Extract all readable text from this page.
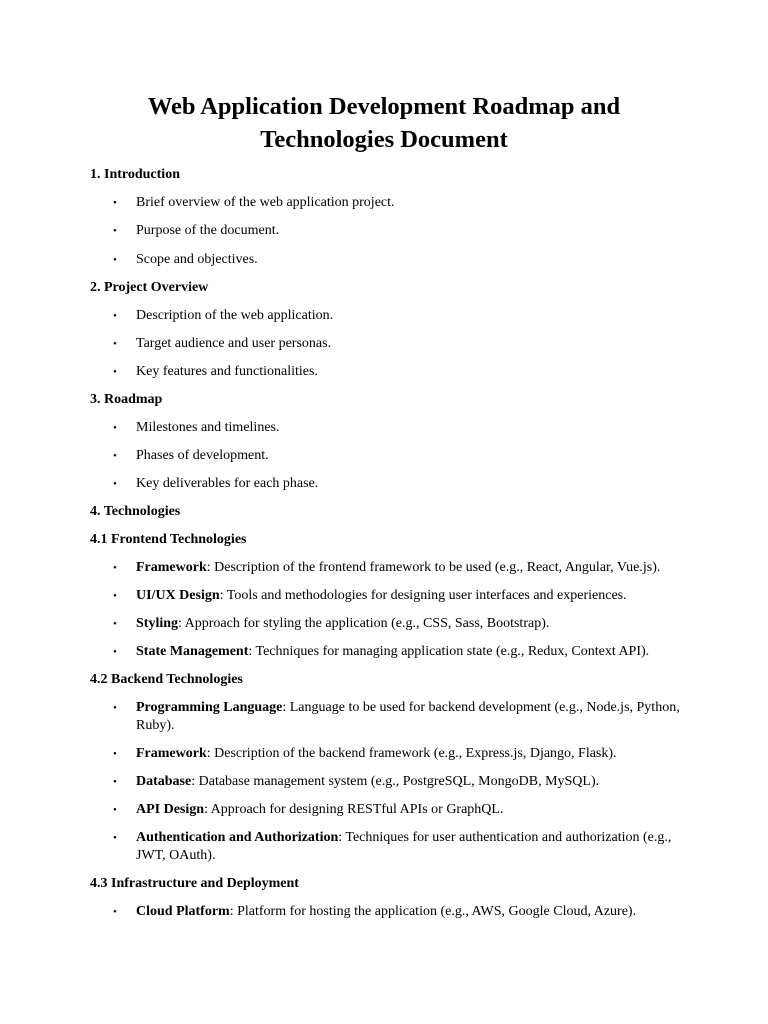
Web Application Development Roadmap and Technologies Document
1. Introduction
• Brief overview of the web application project.
• Purpose of the document.
• Scope and objectives.
2. Project Overview
• Description of the web application.
• Target audience and user personas.
• Key features and functionalities.
3. Roadmap
• Milestones and timelines.
• Phases of development.
• Key deliverables for each phase.
4. Technologies
4.1 Frontend Technologies
• Framework: Description of the frontend framework to be used (e.g., React, Angular, Vue.js).
• UI/UX Design: Tools and methodologies for designing user interfaces and experiences.
• Styling: Approach for styling the application (e.g., CSS, Sass, Bootstrap).
• State Management: Techniques for managing application state (e.g., Redux, Context API).
4.2 Backend Technologies
• Programming Language: Language to be used for backend development (e.g., Node.js, Python, Ruby).
• Framework: Description of the backend framework (e.g., Express.js, Django, Flask).
• Database: Database management system (e.g., PostgreSQL, MongoDB, MySQL).
• API Design: Approach for designing RESTful APIs or GraphQL.
• Authentication and Authorization: Techniques for user authentication and authorization (e.g., JWT, OAuth).
4.3 Infrastructure and Deployment
• Cloud Platform: Platform for hosting the application (e.g., AWS, Google Cloud, Azure).
